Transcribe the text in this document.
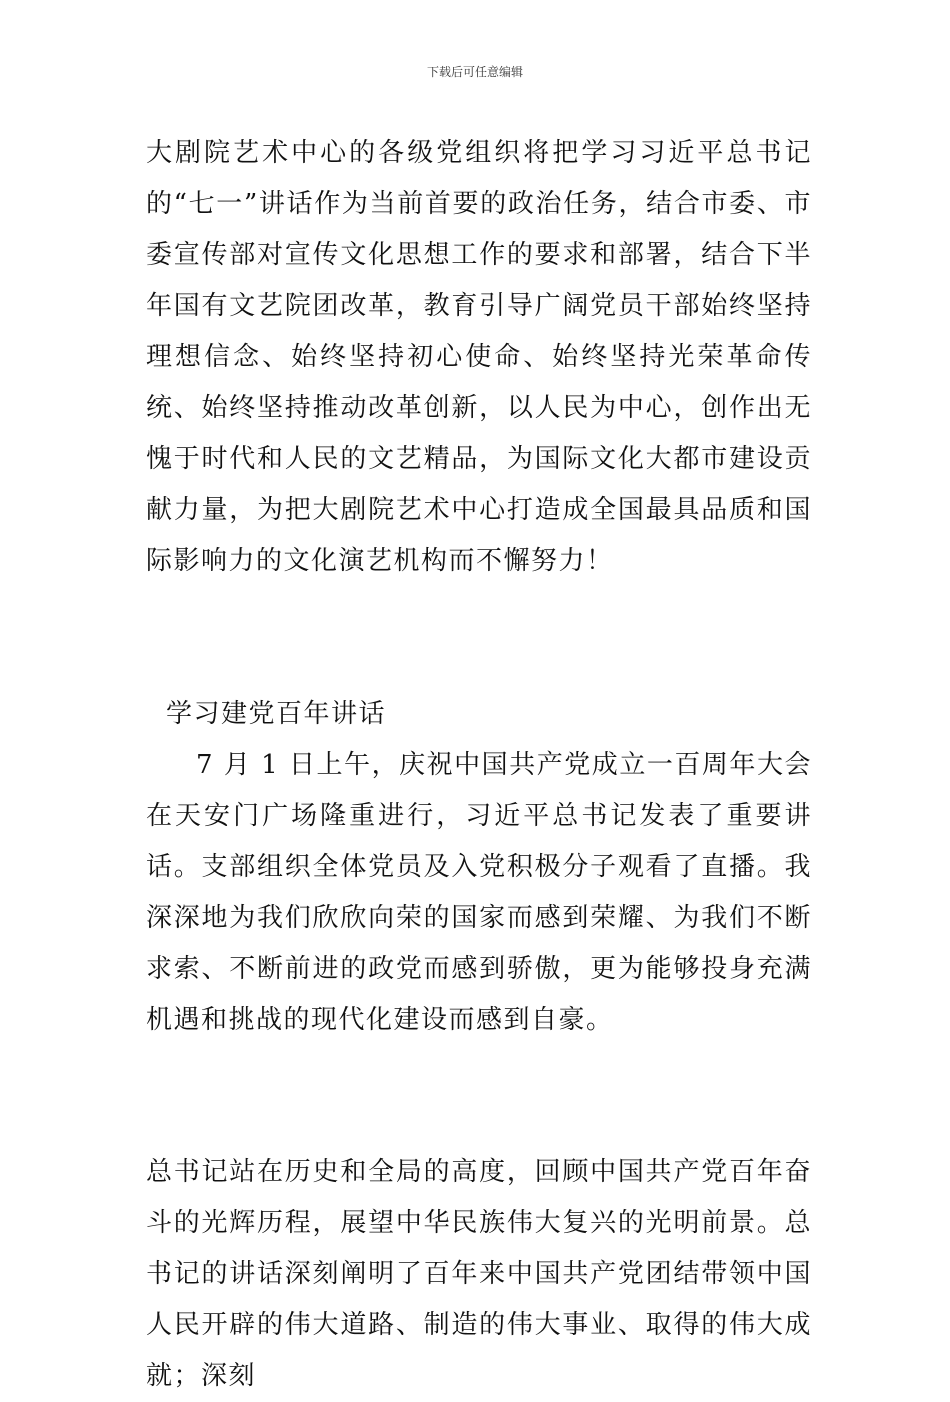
下载后可任意编辑

大剧院艺术中心的各级党组织将把学习习近平总书记的“七一”讲话作为当前首要的政治任务，结合市委、市委宣传部对宣传文化思想工作的要求和部署，结合下半年国有文艺院团改革，教育引导广阔党员干部始终坚持理想信念、始终坚持初心使命、始终坚持光荣革命传统、始终坚持推动改革创新，以人民为中心，创作出无愧于时代和人民的文艺精品，为国际文化大都市建设贡献力量，为把大剧院艺术中心打造成全国最具品质和国际影响力的文化演艺机构而不懈努力！

学习建党百年讲话

7 月 1 日上午，庆祝中国共产党成立一百周年大会在天安门广场隆重进行，习近平总书记发表了重要讲话。支部组织全体党员及入党积极分子观看了直播。我深深地为我们欣欣向荣的国家而感到荣耀、为我们不断求索、不断前进的政党而感到骄傲，更为能够投身充满机遇和挑战的现代化建设而感到自豪。

总书记站在历史和全局的高度，回顾中国共产党百年奋斗的光辉历程，展望中华民族伟大复兴的光明前景。总书记的讲话深刻阐明了百年来中国共产党团结带领中国人民开辟的伟大道路、制造的伟大事业、取得的伟大成就；深刻
